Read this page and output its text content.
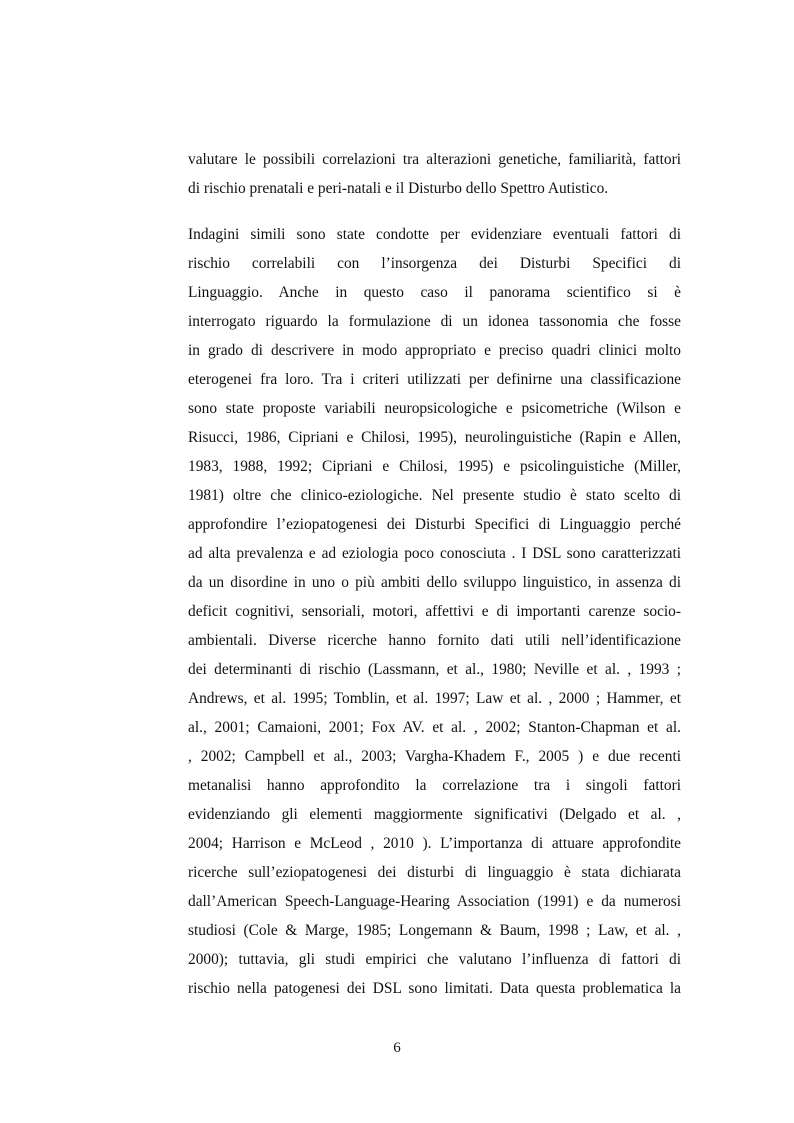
valutare le possibili correlazioni tra alterazioni genetiche, familiarità, fattori
di rischio prenatali e peri-natali e il Disturbo dello Spettro Autistico.
Indagini simili sono state condotte per evidenziare eventuali fattori di
rischio correlabili con l’insorgenza dei Disturbi Specifici di
Linguaggio. Anche in questo caso il panorama scientifico si è
interrogato riguardo la formulazione di un idonea tassonomia che fosse
in grado di descrivere in modo appropriato e preciso quadri clinici molto
eterogenei fra loro. Tra i criteri utilizzati per definirne una classificazione
sono state proposte variabili neuropsicologiche e psicometriche (Wilson e
Risucci, 1986, Cipriani e Chilosi, 1995), neurolinguistiche (Rapin e Allen,
1983, 1988, 1992; Cipriani e Chilosi, 1995) e psicolinguistiche (Miller,
1981) oltre che clinico-eziologiche. Nel presente studio è stato scelto di
approfondire l’eziopatogenesi dei Disturbi Specifici di Linguaggio perché
ad alta prevalenza e ad eziologia poco conosciuta . I DSL sono caratterizzati
da un disordine in uno o più ambiti dello sviluppo linguistico, in assenza di
deficit cognitivi, sensoriali, motori, affettivi e di importanti carenze socio-
ambientali. Diverse ricerche hanno fornito dati utili nell’identificazione
dei determinanti di rischio (Lassmann, et al., 1980; Neville et al. , 1993 ;
Andrews, et al. 1995; Tomblin, et al. 1997; Law et al. , 2000 ; Hammer, et
al., 2001; Camaioni, 2001; Fox AV. et al. , 2002; Stanton-Chapman et al.
, 2002; Campbell et al., 2003; Vargha-Khadem F., 2005 ) e due recenti
metanalisi hanno approfondito la correlazione tra i singoli fattori
evidenziando gli elementi maggiormente significativi (Delgado et al. ,
2004; Harrison e McLeod , 2010 ). L’importanza di attuare approfondite
ricerche sull’eziopatogenesi dei disturbi di linguaggio è stata dichiarata
dall’American Speech-Language-Hearing Association (1991) e da numerosi
studiosi (Cole & Marge, 1985; Longemann & Baum, 1998 ; Law, et al. ,
2000); tuttavia, gli studi empirici che valutano l’influenza di fattori di
rischio nella patogenesi dei DSL sono limitati. Data questa problematica la
6
